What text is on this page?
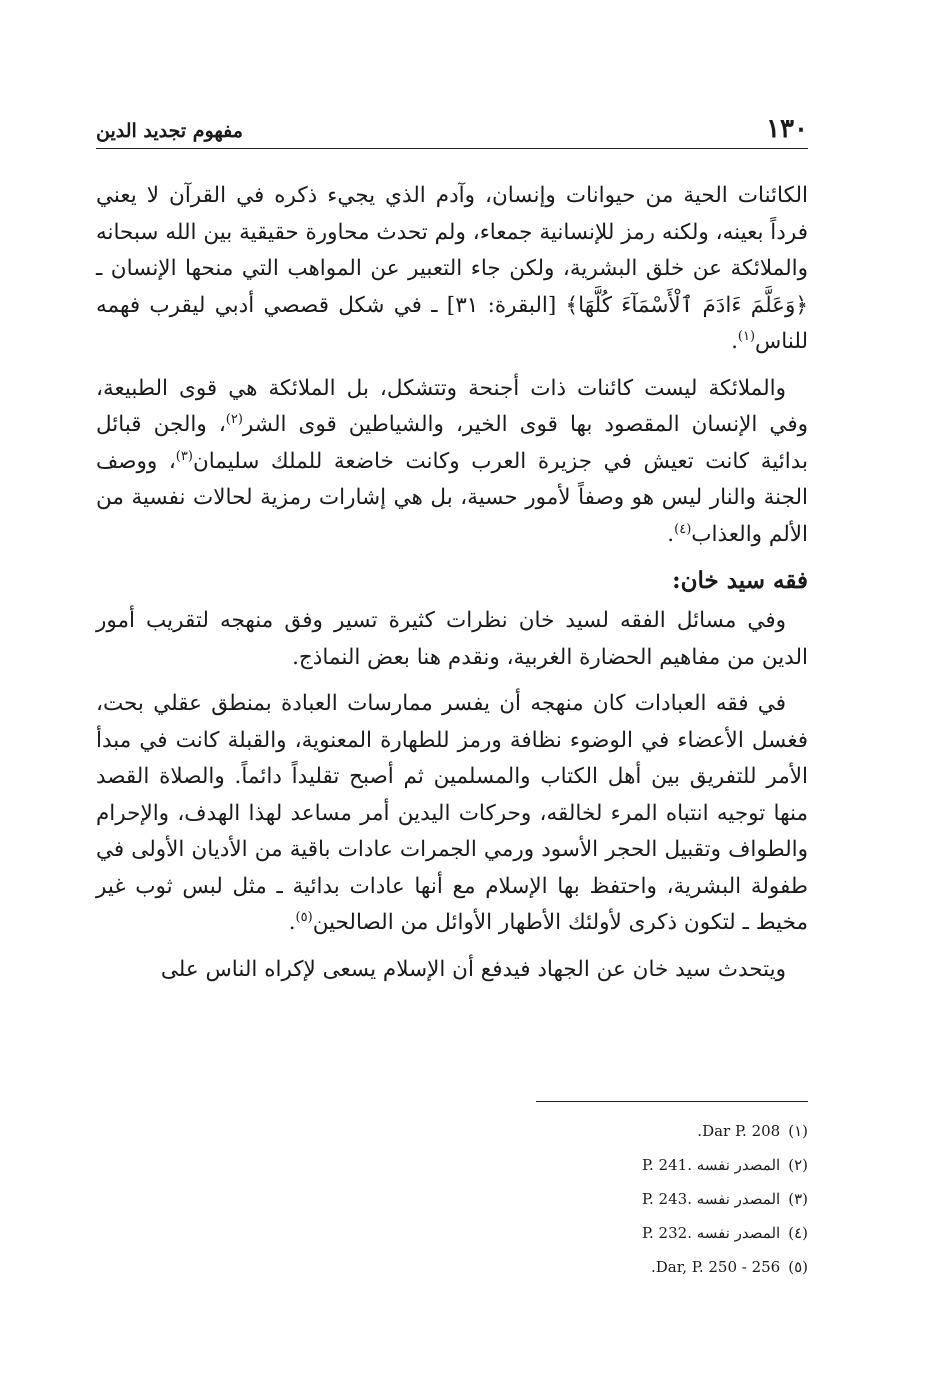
١٣٠
مفهوم تجديد الدين

الكائنات الحية من حيوانات وإنسان، وآدم الذي يجيء ذكره في القرآن لا يعني فرداً بعينه، ولكنه رمز للإنسانية جمعاء، ولم تحدث محاورة حقيقية بين الله سبحانه والملائكة عن خلق البشرية، ولكن جاء التعبير عن المواهب التي منحها الإنسان ـ ﴿وَعَلَّمَ ءَادَمَ ٱلْأَسْمَآءَ كُلَّهَا﴾ [البقرة: ٣١] ـ في شكل قصصي أدبي ليقرب فهمه للناس$^{(١)}$.

والملائكة ليست كائنات ذات أجنحة وتتشكل، بل الملائكة هي قوى الطبيعة، وفي الإنسان المقصود بها قوى الخير، والشياطين قوى الشر$^{(٢)}$، والجن قبائل بدائية كانت تعيش في جزيرة العرب وكانت خاضعة للملك سليمان$^{(٣)}$، ووصف الجنة والنار ليس هو وصفاً لأمور حسية، بل هي إشارات رمزية لحالات نفسية من الألم والعذاب$^{(٤)}$.

فقه سيد خان:

وفي مسائل الفقه لسيد خان نظرات كثيرة تسير وفق منهجه لتقريب أمور الدين من مفاهيم الحضارة الغربية، ونقدم هنا بعض النماذج.

في فقه العبادات كان منهجه أن يفسر ممارسات العبادة بمنطق عقلي بحت، فغسل الأعضاء في الوضوء نظافة ورمز للطهارة المعنوية، والقبلة كانت في مبدأ الأمر للتفريق بين أهل الكتاب والمسلمين ثم أصبح تقليداً دائماً. والصلاة القصد منها توجيه انتباه المرء لخالقه، وحركات اليدين أمر مساعد لهذا الهدف، والإحرام والطواف وتقبيل الحجر الأسود ورمي الجمرات عادات باقية من الأديان الأولى في طفولة البشرية، واحتفظ بها الإسلام مع أنها عادات بدائية ـ مثل لبس ثوب غير مخيط ـ لتكون ذكرى لأولئك الأطهار الأوائل من الصالحين$^{(٥)}$.

ويتحدث سيد خان عن الجهاد فيدفع أن الإسلام يسعى لإكراه الناس على

(١)Dar P. 208.
(٢)المصدر نفسه .P. 241
(٣)المصدر نفسه .P. 243
(٤)المصدر نفسه .P. 232
(٥)Dar, P. 250 - 256.
